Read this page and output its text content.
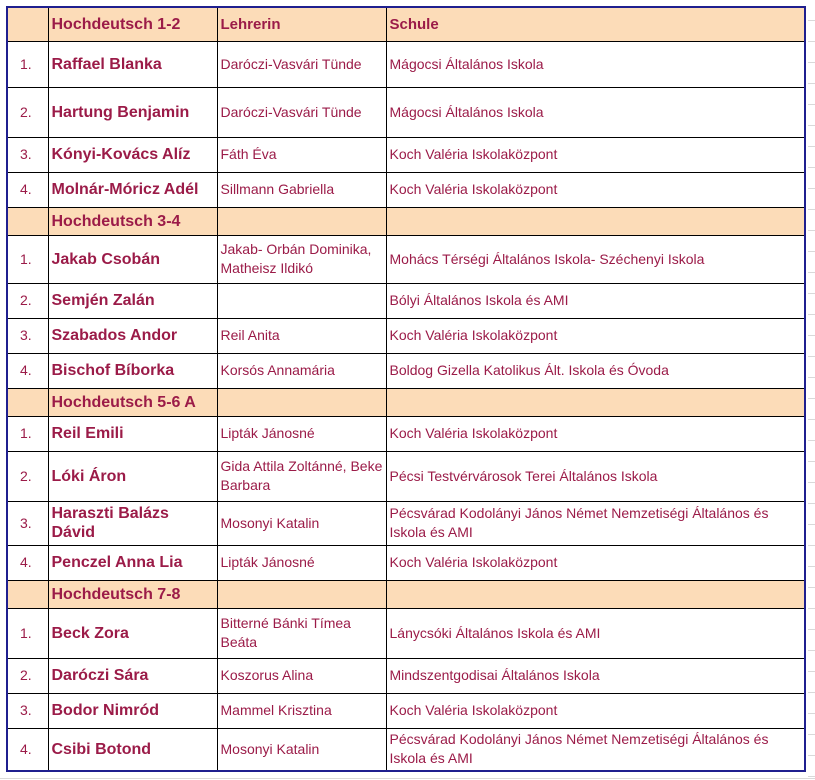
	Hochdeutsch 1-2	Lehrerin	Schule
1.	Raffael Blanka	Daróczi-Vasvári Tünde	Mágocsi Általános Iskola
2.	Hartung Benjamin	Daróczi-Vasvári Tünde	Mágocsi Általános Iskola
3.	Kónyi-Kovács Alíz	Fáth Éva	Koch Valéria Iskolaközpont
4.	Molnár-Móricz Adél	Sillmann Gabriella	Koch Valéria Iskolaközpont
	Hochdeutsch 3-4		
1.	Jakab Csobán	Jakab- Orbán Dominika, Matheisz Ildikó	Mohács Térségi Általános Iskola- Széchenyi Iskola
2.	Semjén Zalán		Bólyi Általános Iskola és AMI
3.	Szabados Andor	Reil Anita	Koch Valéria Iskolaközpont
4.	Bischof Bíborka	Korsós Annamária	Boldog Gizella Katolikus Ált. Iskola és Óvoda
	Hochdeutsch 5-6 A		
1.	Reil Emili	Lipták Jánosné	Koch Valéria Iskolaközpont
2.	Lóki Áron	Gida Attila Zoltánné, Beke Barbara	Pécsi Testvérvárosok Terei Általános Iskola
3.	Haraszti Balázs Dávid	Mosonyi Katalin	Pécsvárad Kodolányi János Német Nemzetiségi Általános és Iskola és AMI
4.	Penczel Anna Lia	Lipták Jánosné	Koch Valéria Iskolaközpont
	Hochdeutsch 7-8		
1.	Beck Zora	Bitterné Bánki Tímea Beáta	Lánycsóki Általános Iskola és AMI
2.	Daróczi Sára	Koszorus Alina	Mindszentgodisai Általános Iskola
3.	Bodor Nimród	Mammel Krisztina	Koch Valéria Iskolaközpont
4.	Csibi Botond	Mosonyi Katalin	Pécsvárad Kodolányi János Német Nemzetiségi Általános és Iskola és AMI
